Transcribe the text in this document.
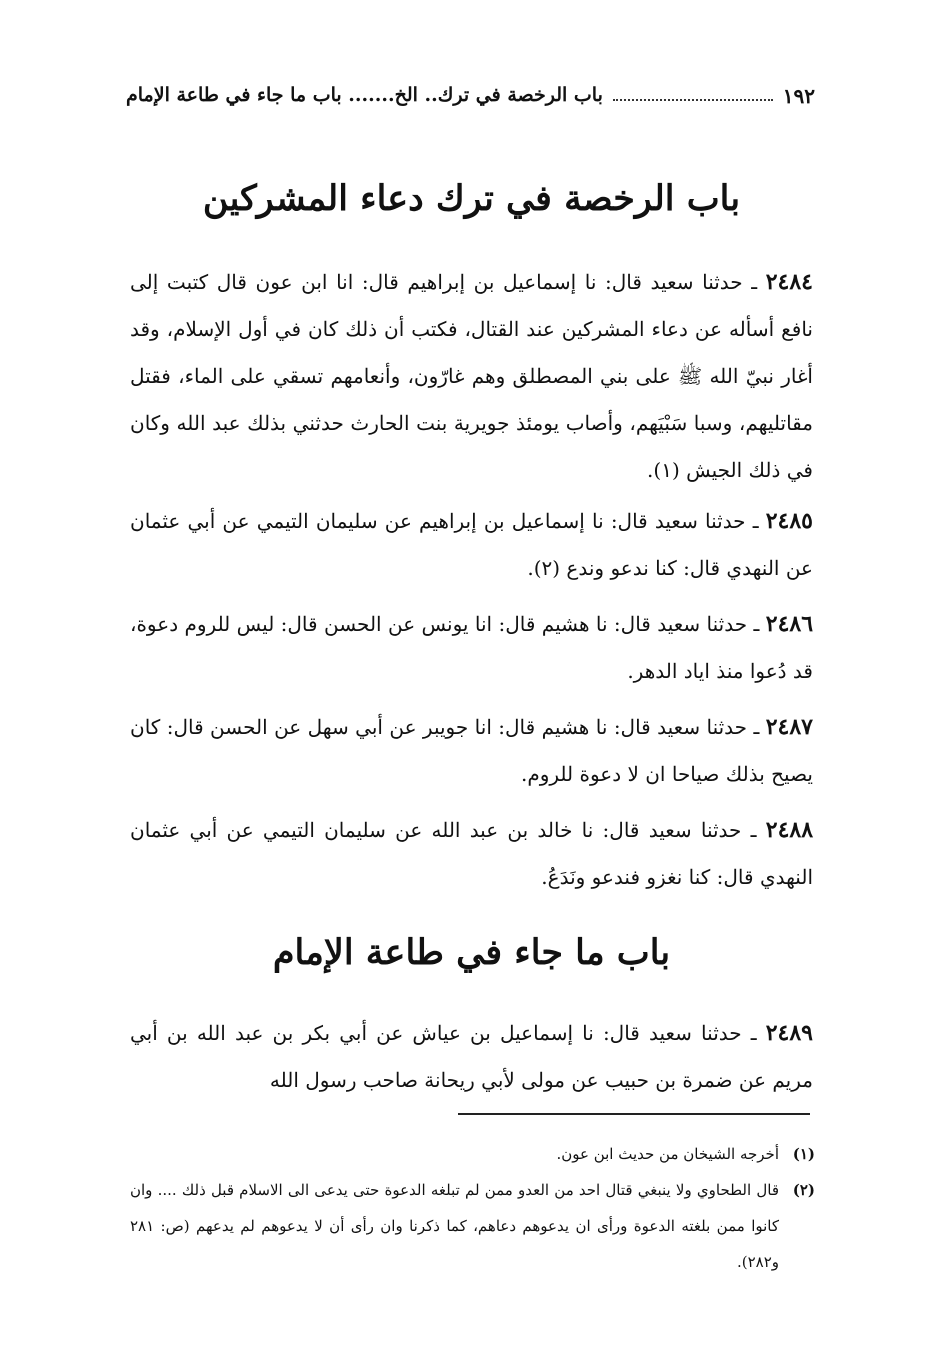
١٩٢
باب الرخصة في ترك.. الخ....... باب ما جاء في طاعة الإمام
باب الرخصة في ترك دعاء المشركين
٢٤٨٤ ـ حدثنا سعيد قال: نا إسماعيل بن إبراهيم قال: انا ابن عون قال كتبت إلى نافع أسأله عن دعاء المشركين عند القتال، فكتب أن ذلك كان في أول الإسلام، وقد أغار نبيّ الله ﷺ على بني المصطلق وهم غارّون، وأنعامهم تسقي على الماء، فقتل مقاتليهم، وسبا سَبْيَهم، وأصاب يومئذ جويرية بنت الحارث حدثني بذلك عبد الله وكان في ذلك الجيش (١).
٢٤٨٥ ـ حدثنا سعيد قال: نا إسماعيل بن إبراهيم عن سليمان التيمي عن أبي عثمان عن النهدي قال: كنا ندعو وندع (٢).
٢٤٨٦ ـ حدثنا سعيد قال: نا هشيم قال: انا يونس عن الحسن قال: ليس للروم دعوة، قد دُعوا منذ اياد الدهر.
٢٤٨٧ ـ حدثنا سعيد قال: نا هشيم قال: انا جويبر عن أبي سهل عن الحسن قال: كان يصيح بذلك صياحا ان لا دعوة للروم.
٢٤٨٨ ـ حدثنا سعيد قال: نا خالد بن عبد الله عن سليمان التيمي عن أبي عثمان النهدي قال: كنا نغزو فندعو ونَدَعُ.
باب ما جاء في طاعة الإمام
٢٤٨٩ ـ حدثنا سعيد قال: نا إسماعيل بن عياش عن أبي بكر بن عبد الله بن أبي مريم عن ضمرة بن حبيب عن مولى لأبي ريحانة صاحب رسول الله
(١)
أخرجه الشيخان من حديث ابن عون.
(٢)
قال الطحاوي ولا ينبغي قتال احد من العدو ممن لم تبلغه الدعوة حتى يدعى الى الاسلام قبل ذلك .... وان كانوا ممن بلغته الدعوة ورأى ان يدعوهم دعاهم، كما ذكرنا وان رأى أن لا يدعوهم لم يدعهم (ص: ٢٨١ و٢٨٢).
